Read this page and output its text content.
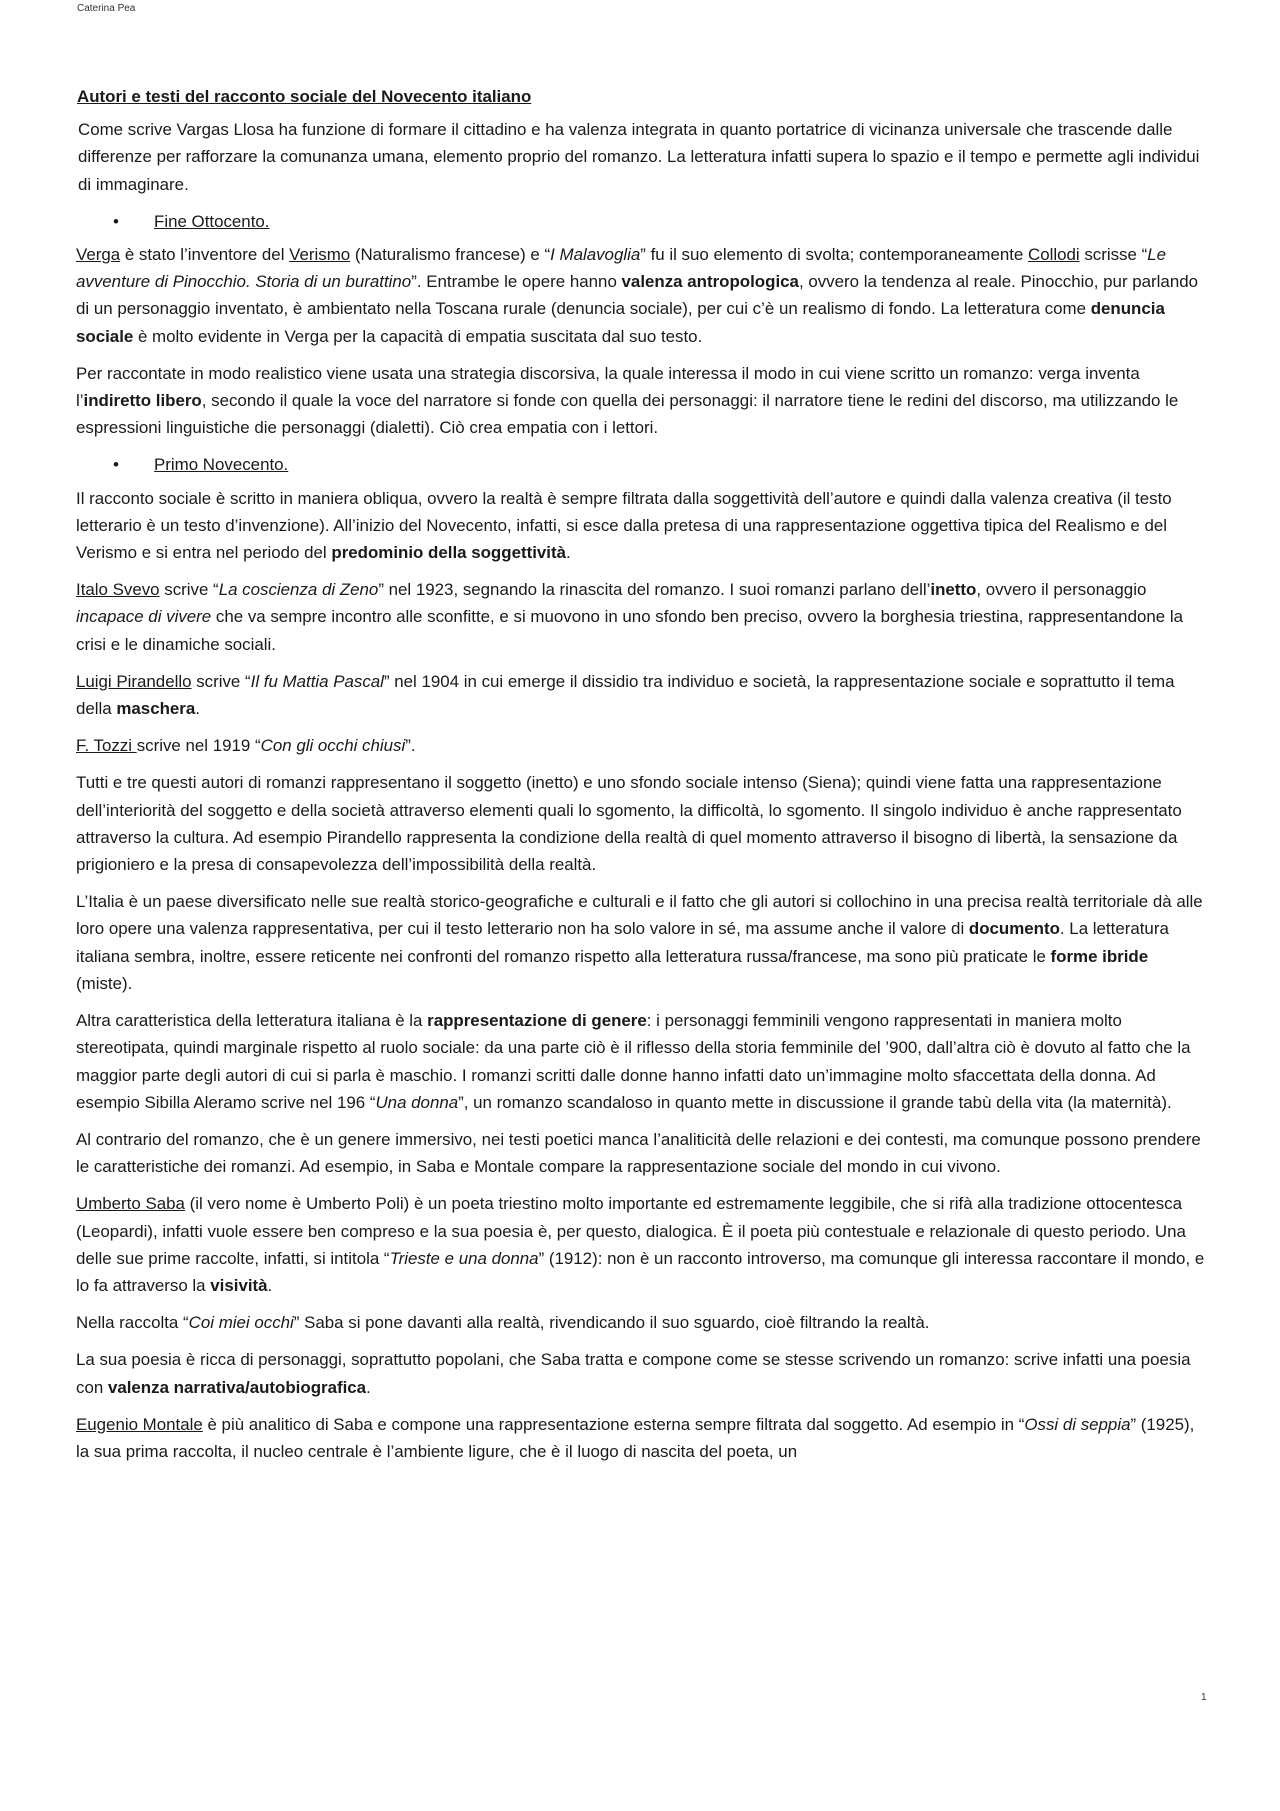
Caterina Pea
Autori e testi del racconto sociale del Novecento italiano

Come scrive Vargas Llosa ha funzione di formare il cittadino e ha valenza integrata in quanto portatrice di vicinanza universale che trascende dalle differenze per rafforzare la comunanza umana, elemento proprio del romanzo. La letteratura infatti supera lo spazio e il tempo e permette agli individui di immaginare.

• Fine Ottocento.

Verga è stato l’inventore del Verismo (Naturalismo francese) e “I Malavoglia” fu il suo elemento di svolta; contemporaneamente Collodi scrisse “Le avventure di Pinocchio. Storia di un burattino”. Entrambe le opere hanno valenza antropologica, ovvero la tendenza al reale. Pinocchio, pur parlando di un personaggio inventato, è ambientato nella Toscana rurale (denuncia sociale), per cui c’è un realismo di fondo. La letteratura come denuncia sociale è molto evidente in Verga per la capacità di empatia suscitata dal suo testo.

Per raccontate in modo realistico viene usata una strategia discorsiva, la quale interessa il modo in cui viene scritto un romanzo: verga inventa l’indiretto libero, secondo il quale la voce del narratore si fonde con quella dei personaggi: il narratore tiene le redini del discorso, ma utilizzando le espressioni linguistiche die personaggi (dialetti). Ciò crea empatia con i lettori.

• Primo Novecento.

Il racconto sociale è scritto in maniera obliqua, ovvero la realtà è sempre filtrata dalla soggettività dell’autore e quindi dalla valenza creativa (il testo letterario è un testo d’invenzione). All’inizio del Novecento, infatti, si esce dalla pretesa di una rappresentazione oggettiva tipica del Realismo e del Verismo e si entra nel periodo del predominio della soggettività.

Italo Svevo scrive “La coscienza di Zeno” nel 1923, segnando la rinascita del romanzo. I suoi romanzi parlano dell’inetto, ovvero il personaggio incapace di vivere che va sempre incontro alle sconfitte, e si muovono in uno sfondo ben preciso, ovvero la borghesia triestina, rappresentandone la crisi e le dinamiche sociali.

Luigi Pirandello scrive “Il fu Mattia Pascal” nel 1904 in cui emerge il dissidio tra individuo e società, la rappresentazione sociale e soprattutto il tema della maschera.

F. Tozzi scrive nel 1919 “Con gli occhi chiusi”.

Tutti e tre questi autori di romanzi rappresentano il soggetto (inetto) e uno sfondo sociale intenso (Siena); quindi viene fatta una rappresentazione dell’interiorità del soggetto e della società attraverso elementi quali lo sgomento, la difficoltà, lo sgomento. Il singolo individuo è anche rappresentato attraverso la cultura. Ad esempio Pirandello rappresenta la condizione della realtà di quel momento attraverso il bisogno di libertà, la sensazione da prigioniero e la presa di consapevolezza dell’impossibilità della realtà.

L’Italia è un paese diversificato nelle sue realtà storico-geografiche e culturali e il fatto che gli autori si collochino in una precisa realtà territoriale dà alle loro opere una valenza rappresentativa, per cui il testo letterario non ha solo valore in sé, ma assume anche il valore di documento. La letteratura italiana sembra, inoltre, essere reticente nei confronti del romanzo rispetto alla letteratura russa/francese, ma sono più praticate le forme ibride (miste).

Altra caratteristica della letteratura italiana è la rappresentazione di genere: i personaggi femminili vengono rappresentati in maniera molto stereotipata, quindi marginale rispetto al ruolo sociale: da una parte ciò è il riflesso della storia femminile del ’900, dall’altra ciò è dovuto al fatto che la maggior parte degli autori di cui si parla è maschio. I romanzi scritti dalle donne hanno infatti dato un’immagine molto sfaccettata della donna. Ad esempio Sibilla Aleramo scrive nel 196 “Una donna”, un romanzo scandaloso in quanto mette in discussione il grande tabù della vita (la maternità).

Al contrario del romanzo, che è un genere immersivo, nei testi poetici manca l’analiticità delle relazioni e dei contesti, ma comunque possono prendere le caratteristiche dei romanzi. Ad esempio, in Saba e Montale compare la rappresentazione sociale del mondo in cui vivono.

Umberto Saba (il vero nome è Umberto Poli) è un poeta triestino molto importante ed estremamente leggibile, che si rifà alla tradizione ottocentesca (Leopardi), infatti vuole essere ben compreso e la sua poesia è, per questo, dialogica. È il poeta più contestuale e relazionale di questo periodo. Una delle sue prime raccolte, infatti, si intitola “Trieste e una donna” (1912): non è un racconto introverso, ma comunque gli interessa raccontare il mondo, e lo fa attraverso la visività.

Nella raccolta “Coi miei occhi” Saba si pone davanti alla realtà, rivendicando il suo sguardo, cioè filtrando la realtà.

La sua poesia è ricca di personaggi, soprattutto popolani, che Saba tratta e compone come se stesse scrivendo un romanzo: scrive infatti una poesia con valenza narrativa/autobiografica.

Eugenio Montale è più analitico di Saba e compone una rappresentazione esterna sempre filtrata dal soggetto. Ad esempio in “Ossi di seppia” (1925), la sua prima raccolta, il nucleo centrale è l’ambiente ligure, che è il luogo di nascita del poeta, un

1
